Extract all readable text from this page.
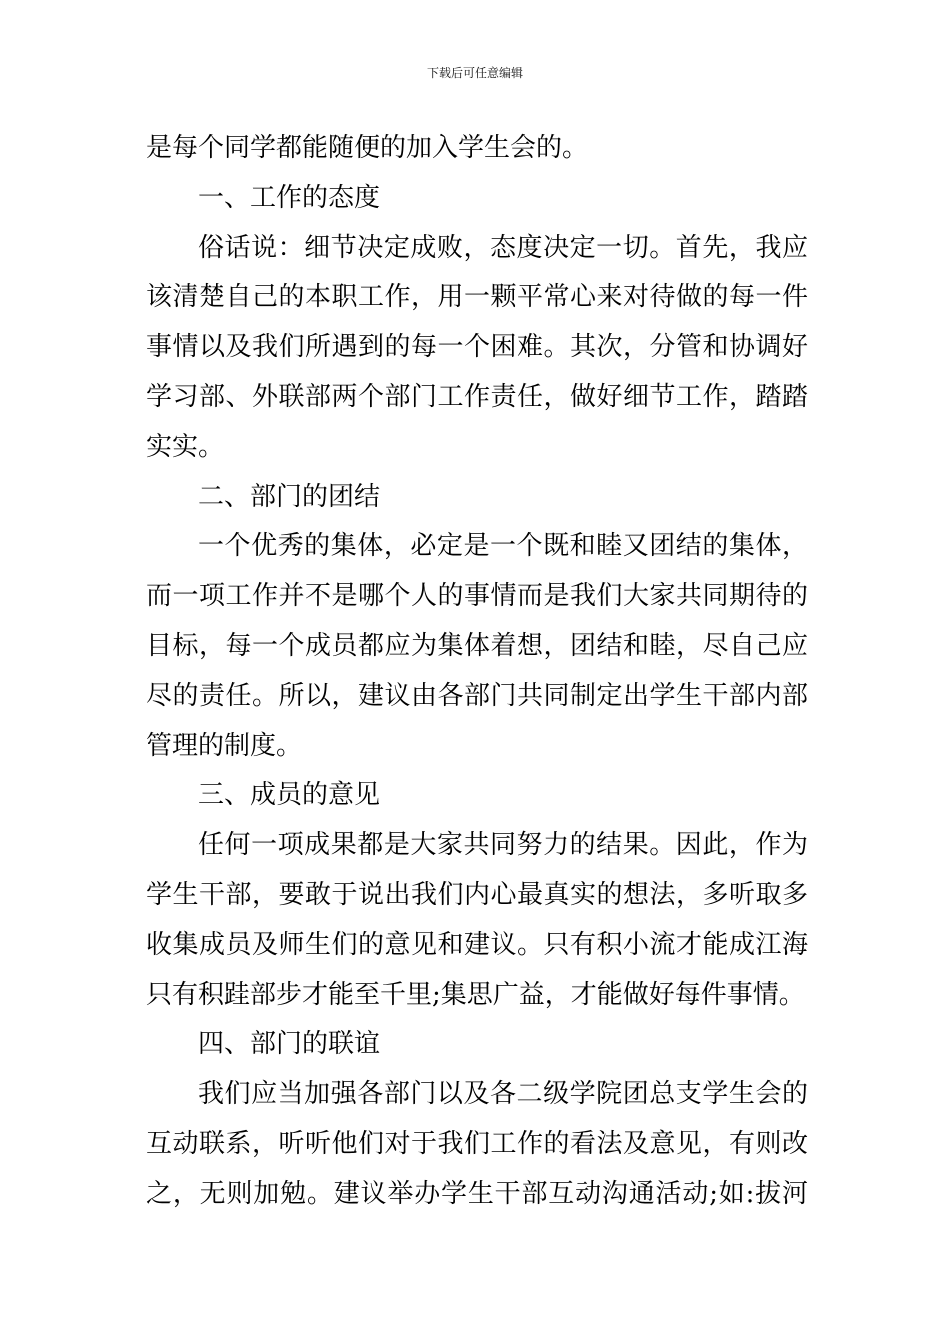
下载后可任意编辑
是每个同学都能随便的加入学生会的。
一、工作的态度
俗话说：细节决定成败，态度决定一切。首先，我应
该清楚自己的本职工作，用一颗平常心来对待做的每一件
事情以及我们所遇到的每一个困难。其次，分管和协调好
学习部、外联部两个部门工作责任，做好细节工作，踏踏
实实。
二、部门的团结
一个优秀的集体，必定是一个既和睦又团结的集体，
而一项工作并不是哪个人的事情而是我们大家共同期待的
目标，每一个成员都应为集体着想，团结和睦，尽自己应
尽的责任。所以，建议由各部门共同制定出学生干部内部
管理的制度。
三、成员的意见
任何一项成果都是大家共同努力的结果。因此，作为
学生干部，要敢于说出我们内心最真实的想法，多听取多
收集成员及师生们的意见和建议。只有积小流才能成江海
只有积跬部步才能至千里;集思广益，才能做好每件事情。
四、部门的联谊
我们应当加强各部门以及各二级学院团总支学生会的
互动联系，听听他们对于我们工作的看法及意见，有则改
之，无则加勉。建议举办学生干部互动沟通活动;如:拔河
